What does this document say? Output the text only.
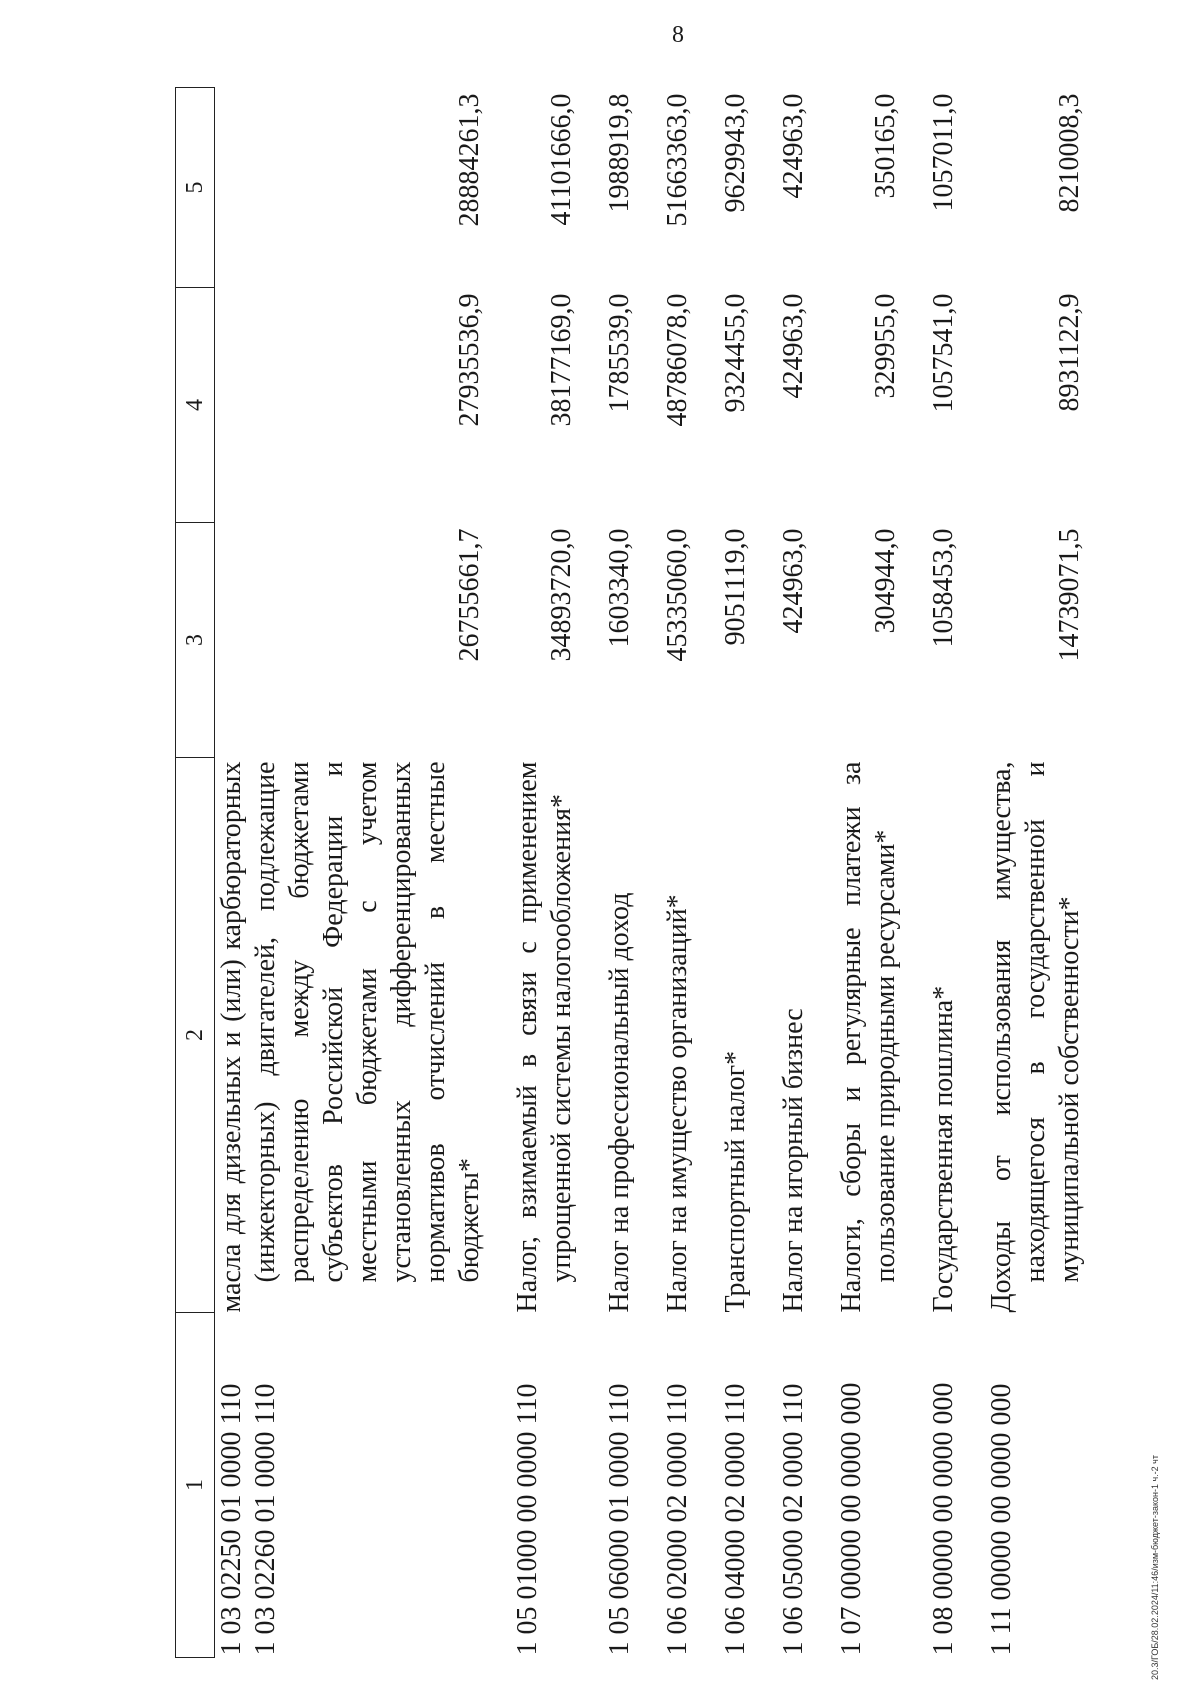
8
1	2	3	4	5

1 03 02250 01 0000 110 1 03 02260 01 0000 110	масла для дизельных и (или) карбюраторных (инжекторных) двигателей, подлежащие распределению между бюджетами субъектов Российской Федерации и местными бюджетами с учетом установленных дифференцированных нормативов отчислений в местные бюджеты*	26755661,7	27935536,9	28884261,3
1 05 01000 00 0000 110	Налог, взимаемый в связи с применением упрощенной системы налогообложения*	34893720,0	38177169,0	41101666,0
1 05 06000 01 0000 110	Налог на профессиональный доход	1603340,0	1785539,0	1988919,8
1 06 02000 02 0000 110	Налог на имущество организаций*	45335060,0	48786078,0	51663363,0
1 06 04000 02 0000 110	Транспортный налог*	9051119,0	9324455,0	9629943,0
1 06 05000 02 0000 110	Налог на игорный бизнес	424963,0	424963,0	424963,0
1 07 00000 00 0000 000	Налоги, сборы и регулярные платежи за пользование природными ресурсами*	304944,0	329955,0	350165,0
1 08 00000 00 0000 000	Государственная пошлина*	1058453,0	1057541,0	1057011,0
1 11 00000 00 0000 000	Доходы от использования имущества, находящегося в государственной и муниципальной собственности*	14739071,5	8931122,9	8210008,3
20.3/ГОБ/28.02.2024/11:46/изм-бюджет-закон-1 ч.-2 чт
